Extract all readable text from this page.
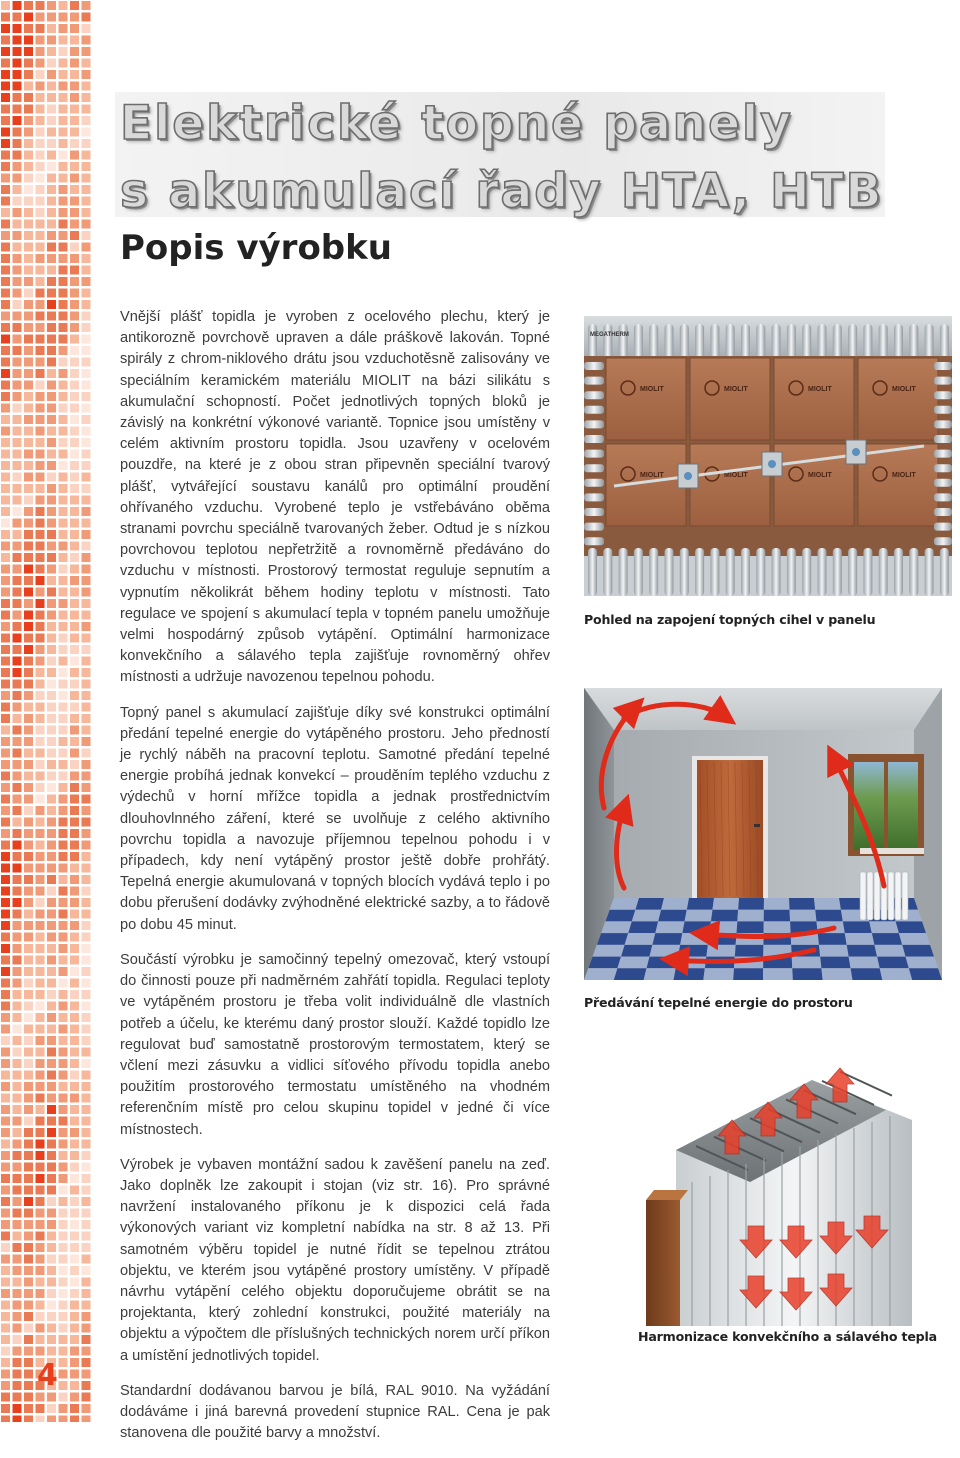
4
Elektrické topné panely
s akumulací řady HTA, HTB
Popis výrobku

Vnější plášť topidla je vyroben z ocelového plechu, který je antikorozně povrchově upraven a dále práškově lakován. Topné spirály z chrom-niklového drátu jsou vzduchotěsně zalisovány ve speciálním keramickém materiálu MIOLIT na bázi silikátu s akumulační schopností. Počet jednotlivých topných bloků je závislý na konkrétní výkonové variantě. Topnice jsou umístěny v celém aktivním prostoru topidla. Jsou uzavřeny v ocelovém pouzdře, na které je z obou stran připevněn speciální tvarový plášť, vytvářející soustavu kanálů pro optimální proudění ohřívaného vzduchu. Vyrobené teplo je vstřebáváno oběma stranami povrchu speciálně tvarovaných žeber. Odtud je s nízkou povrchovou teplotou nepřetržitě a rovnoměrně předáváno do vzduchu v místnosti. Prostorový termostat reguluje sepnutím a vypnutím několikrát během hodiny teplotu v místnosti. Tato regulace ve spojení s akumulací tepla v topném panelu umožňuje velmi hospodárný způsob vytápění. Optimální harmonizace konvekčního a sálavého tepla zajišťuje rovnoměrný ohřev místnosti a udržuje navozenou tepelnou pohodu.

Topný panel s akumulací zajišťuje díky své konstrukci optimální předání tepelné energie do vytápěného prostoru. Jeho předností je rychlý náběh na pracovní teplotu. Samotné předání tepelné energie probíhá jednak konvekcí – prouděním teplého vzduchu z výdechů v horní mřížce topidla a jednak prostřednictvím dlouhovlnného záření, které se uvolňuje z celého aktivního povrchu topidla a navozuje příjemnou tepelnou pohodu i v případech, kdy není vytápěný prostor ještě dobře prohřátý. Tepelná energie akumulovaná v topných blocích vydává teplo i po dobu přerušení dodávky zvýhodněné elektrické sazby, a to řádově po dobu 45 minut.

Součástí výrobku je samočinný tepelný omezovač, který vstoupí do činnosti pouze při nadměrném zahřátí topidla. Regulaci teploty ve vytápěném prostoru je třeba volit individuálně dle vlastních potřeb a účelu, ke kterému daný prostor slouží. Každé topidlo lze regulovat buď samostatně prostorovým termostatem, který se včlení mezi zásuvku a vidlici síťového přívodu topidla anebo použitím prostorového termostatu umístěného na vhodném referenčním místě pro celou skupinu topidel v jedné či více místnostech.

Výrobek je vybaven montážní sadou k zavěšení panelu na zeď. Jako doplněk lze zakoupit i stojan (viz str. 16). Pro správné navržení instalovaného příkonu je k dispozici celá řada výkonových variant viz kompletní nabídka na str. 8 až 13. Při samotném výběru topidel je nutné řídit se tepelnou ztrátou objektu, ve kterém jsou vytápěné prostory umístěny. V případě návrhu vytápění celého objektu doporučujeme obrátit se na projektanta, který zohlední konstrukci, použité materiály na objektu a výpočtem dle příslušných technických norem určí příkon a umístění jednotlivých topidel.

Standardní dodávanou barvou je bílá, RAL 9010. Na vyžádání dodáváme i jiná barevná provedení stupnice RAL. Cena je pak stanovena dle použité barvy a množství.

MIOLIT	MIOLIT	MIOLIT	MIOLIT
MIOLIT	MIOLIT	MIOLIT	MIOLIT
MEGATHERM
Pohled na zapojení topných cihel v panelu
Předávání tepelné energie do prostoru
Harmonizace konvekčního a sálavého tepla
